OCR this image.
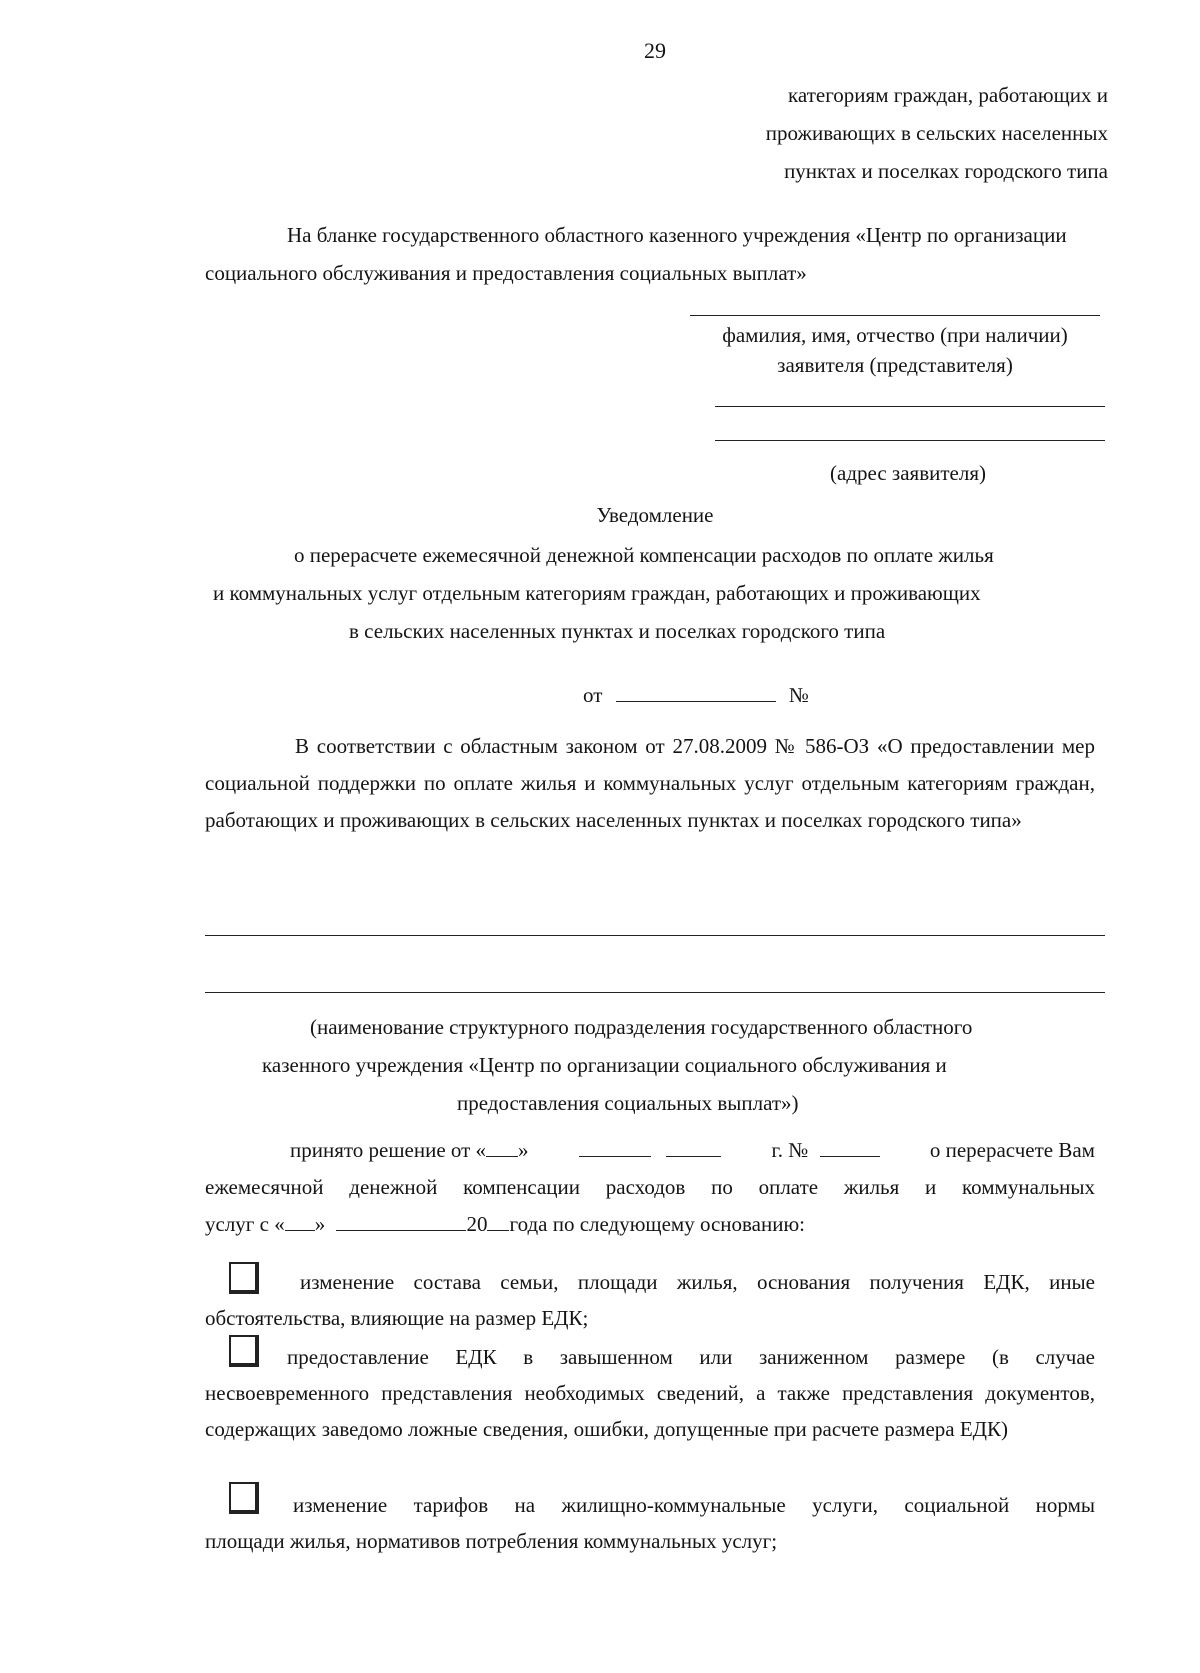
29
категориям граждан, работающих и
проживающих в сельских населенных
пунктах и поселках городского типа
На бланке государственного областного казенного учреждения «Центр по организации социального обслуживания и предоставления социальных выплат»
фамилия, имя, отчество (при наличии)
заявителя (представителя)
(адрес заявителя)
Уведомление
о перерасчете ежемесячной денежной компенсации расходов по оплате жилья
и коммунальных услуг отдельным категориям граждан, работающих и проживающих
в сельских населенных пунктах и поселках городского типа
от	№
В соответствии с областным законом от 27.08.2009 № 586-ОЗ «О предоставлении мер социальной поддержки по оплате жилья и коммунальных услуг отдельным категориям граждан, работающих и проживающих в сельских населенных пунктах и поселках городского типа»
(наименование структурного подразделения государственного областного
казенного учреждения «Центр по организации социального обслуживания и
предоставления социальных выплат»)
принято решение от « »
	г. №	о перерасчете Вам
ежемесячной денежной компенсации расходов по оплате жилья и коммунальных
услуг с « »	20 года по следующему основанию:
изменение состава семьи, площади жилья, основания получения ЕДК, иные
обстоятельства, влияющие на размер ЕДК;
предоставление ЕДК в завышенном или заниженном размере (в случае
несвоевременного представления необходимых сведений, а также представления документов, содержащих заведомо ложные сведения, ошибки, допущенные при расчете размера ЕДК)
изменение тарифов на жилищно-коммунальные услуги, социальной нормы
площади жилья, нормативов потребления коммунальных услуг;
